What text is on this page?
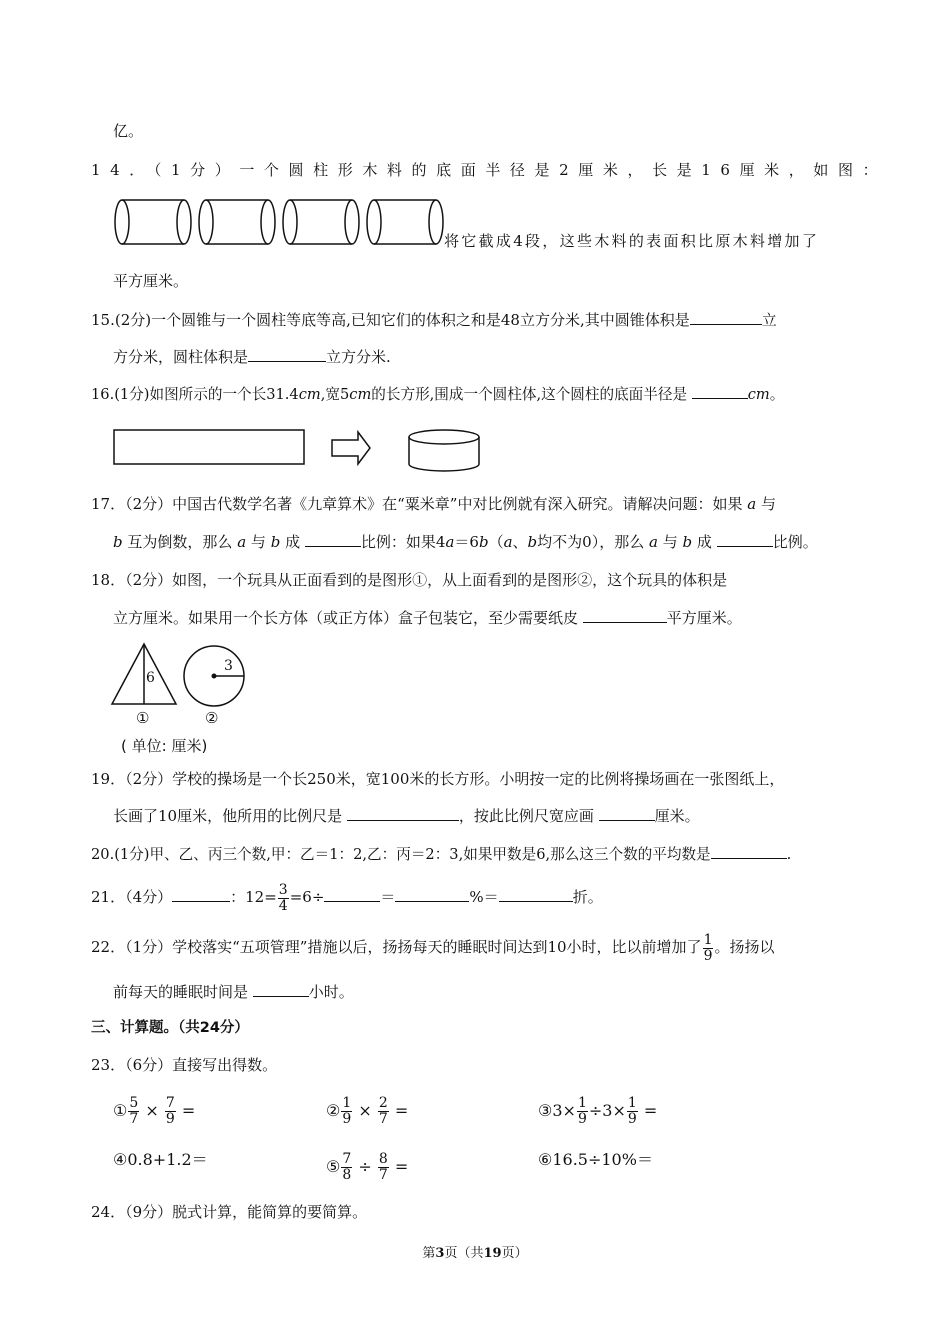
亿。
14．（1分）一个圆柱形木料的底面半径是2厘米，长是16厘米，如图：
将它截成4段，这些木料的表面积比原木料增加了
平方厘米。
15.(2分)一个圆锥与一个圆柱等底等高,已知它们的体积之和是48立方分米,其中圆锥体积是	立
方分米，圆柱体积是	立方分米.
16.(1分)如图所示的一个长31.4cm,宽5cm的长方形,围成一个圆柱体,这个圆柱的底面半径是	cm。
17．（2分）中国古代数学名著《九章算术》在“粟米章”中对比例就有深入研究。请解决问题：如果 a 与
b 互为倒数，那么 a 与 b 成	比例：如果4a＝6b（a、b均不为0），那么 a 与 b 成	比例。
18．（2分）如图，一个玩具从正面看到的是图形①，从上面看到的是图形②，这个玩具的体积是
立方厘米。如果用一个长方体（或正方体）盒子包装它，至少需要纸皮	平方厘米。
6
3
①	②
( 单位: 厘米)
19．（2分）学校的操场是一个长250米，宽100米的长方形。小明按一定的比例将操场画在一张图纸上，
长画了10厘米，他所用的比例尺是	，按此比例尺宽应画	厘米。
20.(1分)甲、乙、丙三个数,甲：乙＝1：2,乙：丙＝2：3,如果甲数是6,那么这三个数的平均数是	.
21．（4分）	：$12= \frac{3}{4} =6\div$	＝	%＝	折。
22．（1分）学校落实“五项管理”措施以后，扬扬每天的睡眠时间达到10小时，比以前增加了 $\frac{1}{9}$ 。扬扬以
前每天的睡眠时间是	小时。
三、计算题。（共24分）
23．（6分）直接写出得数。
① $\frac{5}{7} \times \frac{7}{9}$ =	② $\frac{1}{9} \times \frac{2}{7}$ =	③3× $\frac{1}{9} \div 3\times \frac{1}{9}$ =
④0.8+1.2＝	⑤ $\frac{7}{8} \div \frac{8}{7}$ =	⑥16.5÷10%＝
24．（9分）脱式计算，能简算的要简算。
第3页（共19页）
